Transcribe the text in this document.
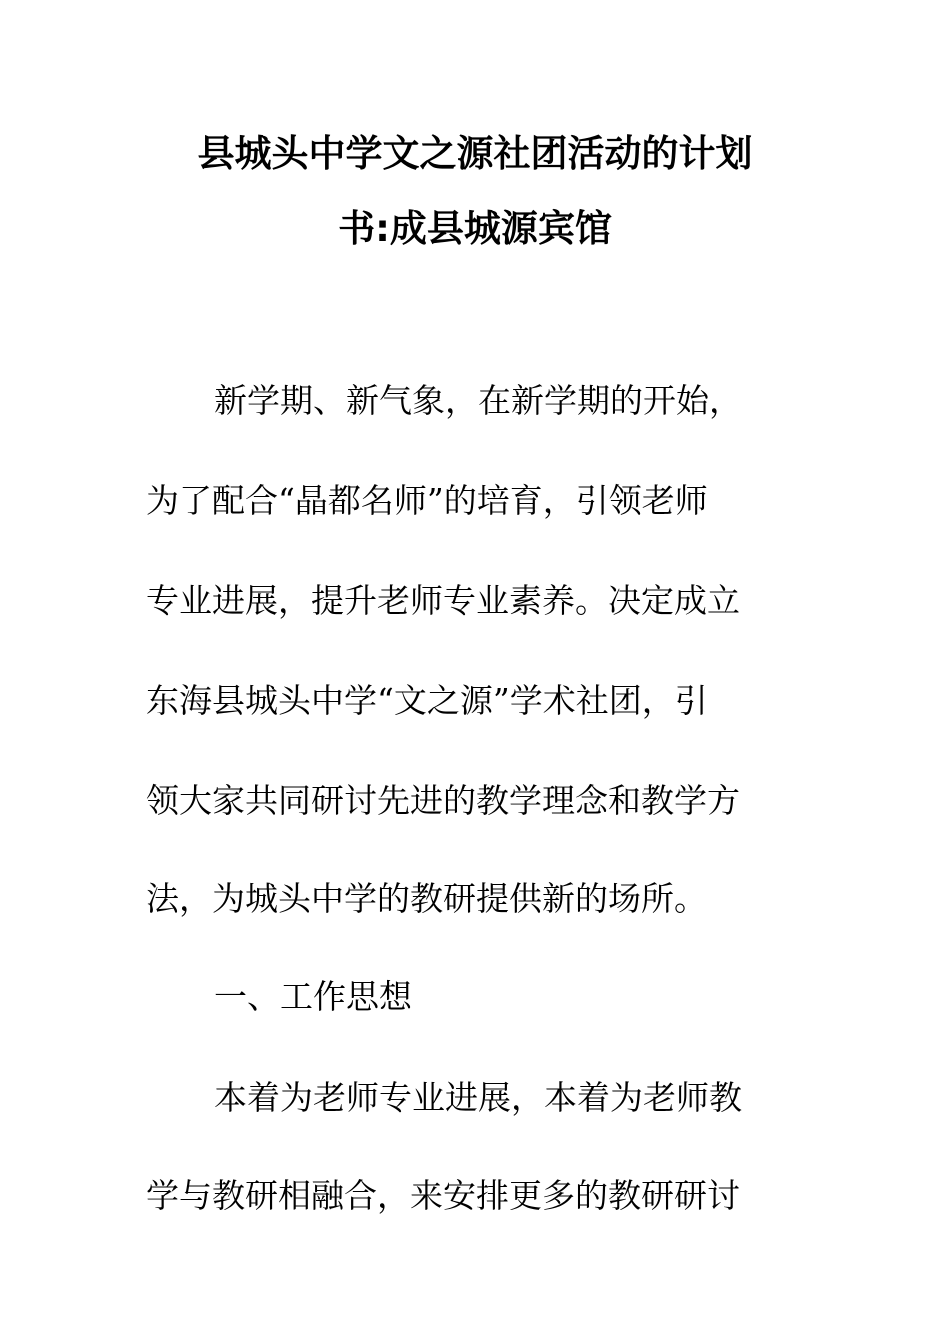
县城头中学文之源社团活动的计划
书:成县城源宾馆

新学期、新气象，在新学期的开始，

为了配合“晶都名师”的培育，引领老师

专业进展，提升老师专业素养。决定成立

东海县城头中学“文之源”学术社团，引

领大家共同研讨先进的教学理念和教学方

法，为城头中学的教研提供新的场所。

一、工作思想

本着为老师专业进展，本着为老师教

学与教研相融合，来安排更多的教研研讨
